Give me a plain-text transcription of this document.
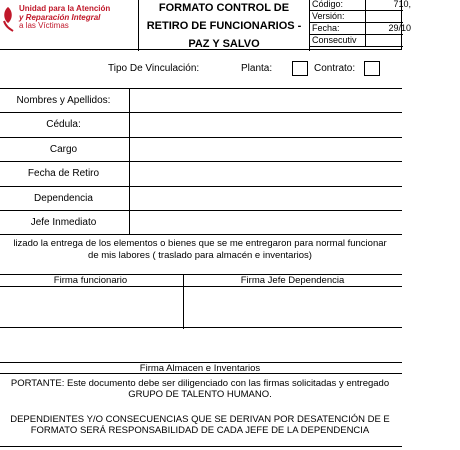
Unidad para la Atención
y Reparación Integral
a las Víctimas
FORMATO CONTROL DE RETIRO DE FUNCIONARIOS - PAZ Y SALVO
Código:	710,
Versión:
Fecha:	29/10
Consecutiv
Tipo De Vinculación:	Planta:	Contrato:
Nombres y Apellidos:
Cédula:
Cargo
Fecha de Retiro
Dependencia
Jefe Inmediato
lizado la entrega de los elementos o bienes que se me entregaron para normal funcionar
de mis labores ( traslado para almacén e inventarios)
Firma funcionario	Firma Jefe Dependencia
Firma Almacen e Inventarios
PORTANTE: Este documento debe ser diligenciado con las firmas solicitadas y entregado
GRUPO DE TALENTO HUMANO.
DEPENDIENTES Y/O CONSECUENCIAS QUE SE DERIVAN POR DESATENCIÓN DE E
FORMATO SERÁ RESPONSABILIDAD DE CADA JEFE DE LA DEPENDENCIA
